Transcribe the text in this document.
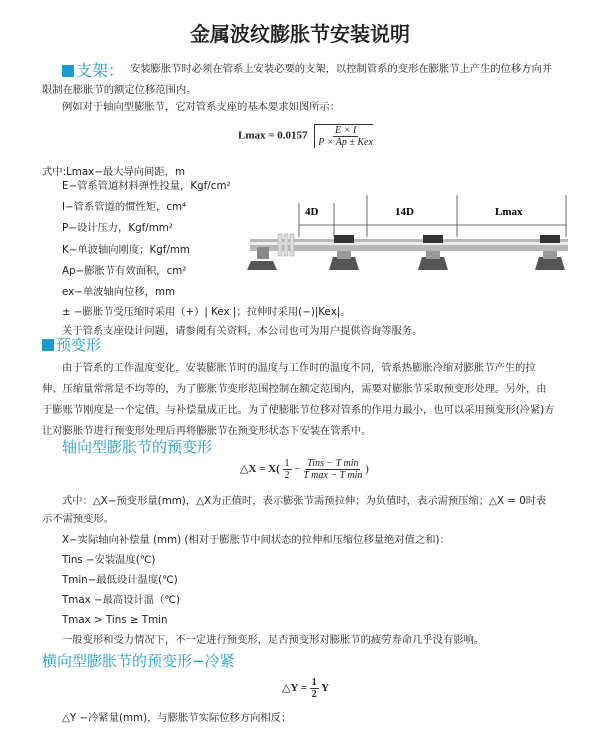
金属波纹膨胀节安装说明
支架： 安装膨胀节时必须在管系上安装必要的支架，以控制管系的变形在膨胀节上产生的位移方向并
限制在膨胀节的额定位移范围内。
例如对于轴向型膨胀节，它对管系支座的基本要求如图所示：
$Lmax = 0.0157 \frac{E \times I}{\text{P × Ap ± Kex}}$
式中:Lmax−最大导向间距，m
E−管系管道材料弹性投量，Kgf/cm²
I−管系管道的惯性矩，cm⁴
P−设计压力，Kgf/mm²
K−单波轴向刚度；Kgf/mm
Ap−膨胀节有效面积，cm²
ex−单波轴向位移，mm
± −膨胀节受压缩时采用（+）| Kex |；拉伸时采用(−)|Kex|。
关于管系支座设计问题，请参阅有关资料，本公司也可为用户提供咨询等服务。
4D	14D	Lmax
预变形
由于管系的工作温度变化，安装膨胀节时的温度与工作时的温度不同，管系热膨胀冷缩对膨胀节产生的拉
伸、压缩量常常是不均等的，为了膨胀节变形范围控制在额定范围内，需要对膨胀节采取预变形处理。另外，由
于膨账节刚度是一个定值，与补偿量成正比。为了使膨胀节位移对管系的作用力最小，也可以采用预变形(冷紧)方
让对膨胀节进行预变形处理后再将膨胀节在预变形状态下安装在管系中。
轴向型膨胀节的预变形
△X = $X( \frac{1}{2} - \frac{\text{Tins − T min}}{\text{T max − T min}}$ )
式中：△X−预变形量(mm)，△X为正值时，表示膨张节需预拉伸；为负值时，表示需预压缩；△X = 0时表
示不需预变形。
X−实际轴向补偿量 (mm) (相对于膨胀节中间状态的拉伸和压缩位移量绝对值之和)：
Tins −安装温度(℃)
Tmin−最低设计温度(℃)
Tmax −最高设计温（℃)
Tmax > Tins ≥ Tmin
一般变形和受力情况下，不一定进行预变形，足否预变形对膨胀节的疲劳寿命几乎没有影响。
横向型膨胀节的预变形−冷紧
△Y = $\frac{1}{2}$ Y
△Y −冷紧量(mm)，与膨胀节实际位移方向相反；
